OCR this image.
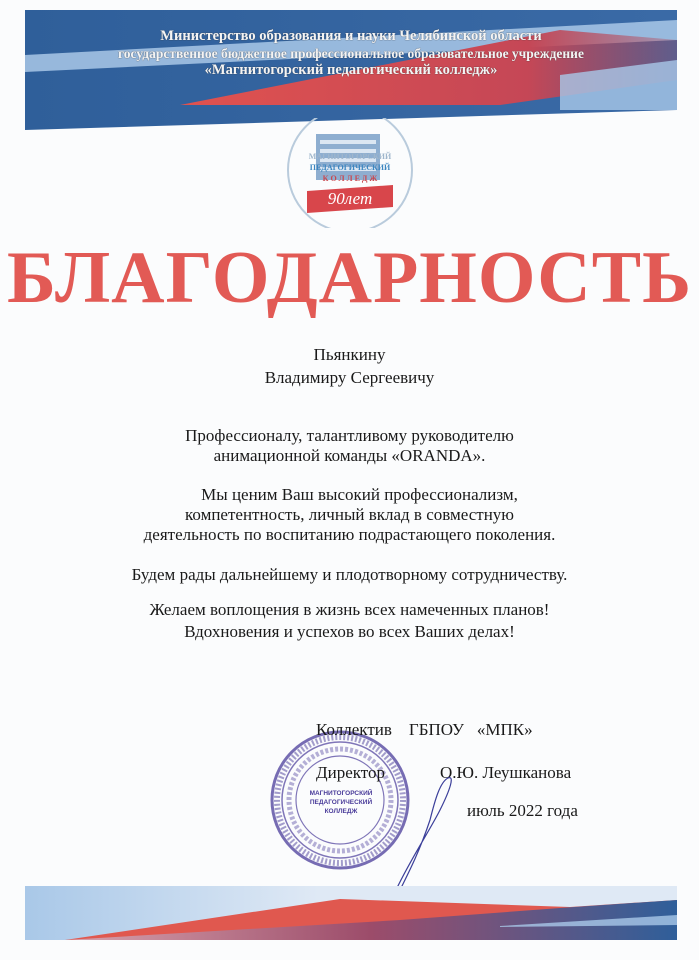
Министерство образования и науки Челябинской области
государственное бюджетное профессиональное образовательное учреждение
«Магнитогорский педагогический колледж»
МАГНИТОГОРСКИЙ
ПЕДАГОГИЧЕСКИЙ
К О Л Л Е Д Ж
90лет
БЛАГОДАРНОСТЬ
Пьянкину
Владимиру Сергеевичу
Профессионалу, талантливому руководителю
анимационной команды «ORANDA».
Мы ценим Ваш высокий профессионализм,
компетентность, личный вклад в совместную
деятельность по воспитанию подрастающего поколения.
Будем рады дальнейшему и плодотворному сотрудничеству.
Желаем воплощения в жизнь всех намеченных планов!
Вдохновения и успехов во всех Ваших делах!
МАГНИТОГОРСКИЙ ПЕДАГОГИЧЕСКИЙ КОЛЛЕДЖ
Коллектив    ГБПОУ   «МПК»
Директор	О.Ю. Леушканова
июль 2022 года
